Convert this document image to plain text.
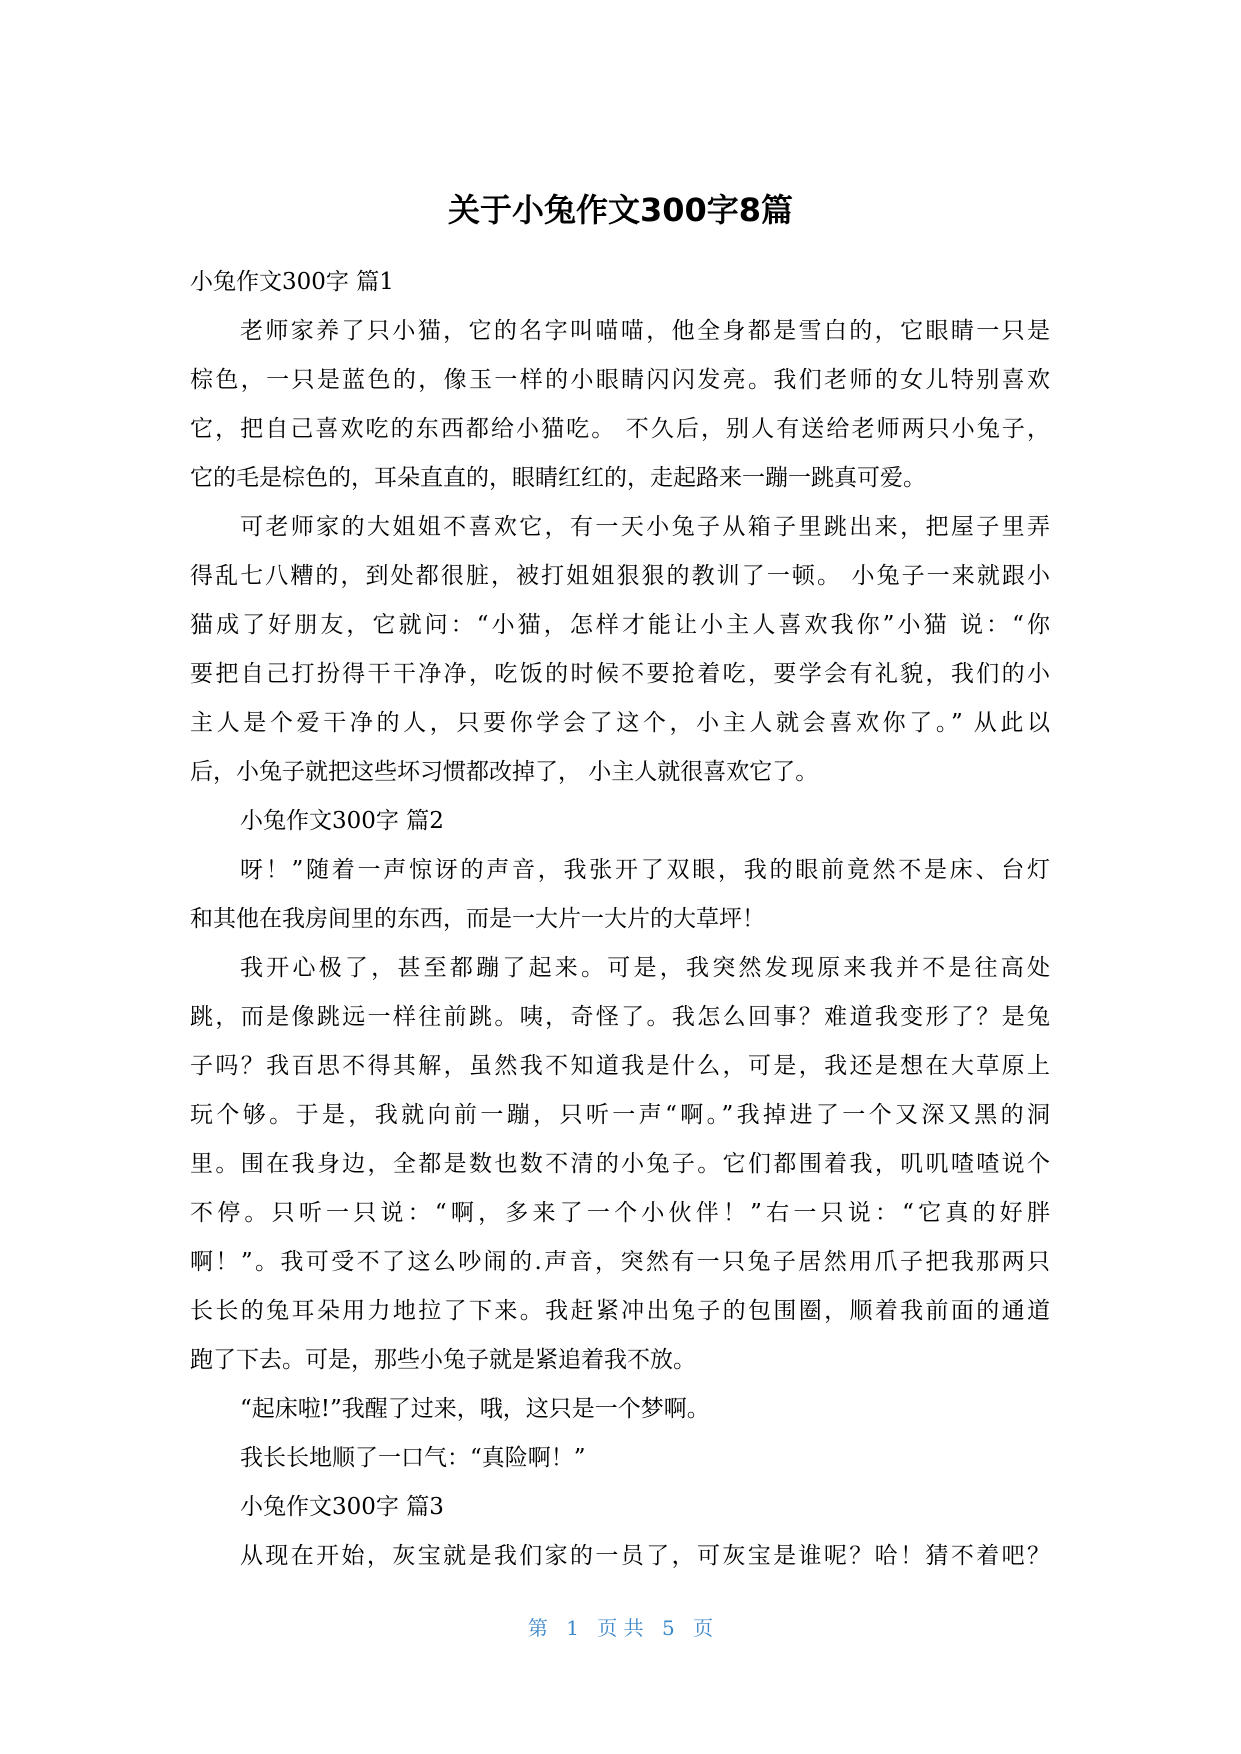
关于小兔作文300字8篇
小兔作文300字 篇1
老师家养了只小猫，它的名字叫喵喵，他全身都是雪白的，它眼睛一只是
棕色，一只是蓝色的，像玉一样的小眼睛闪闪发亮。我们老师的女儿特别喜欢
它，把自己喜欢吃的东西都给小猫吃。 不久后，别人有送给老师两只小兔子，
它的毛是棕色的，耳朵直直的，眼睛红红的，走起路来一蹦一跳真可爱。
可老师家的大姐姐不喜欢它，有一天小兔子从箱子里跳出来，把屋子里弄
得乱七八糟的，到处都很脏，被打姐姐狠狠的教训了一顿。 小兔子一来就跟小
猫成了好朋友，它就问：“小猫，怎样才能让小主人喜欢我你”小猫 说：“你
要把自己打扮得干干净净，吃饭的时候不要抢着吃，要学会有礼貌，我们的小
主人是个爱干净的人，只要你学会了这个，小主人就会喜欢你了。” 从此以
后，小兔子就把这些坏习惯都改掉了， 小主人就很喜欢它了。
小兔作文300字 篇2
呀！”随着一声惊讶的声音，我张开了双眼，我的眼前竟然不是床、台灯
和其他在我房间里的东西，而是一大片一大片的大草坪！
我开心极了，甚至都蹦了起来。可是，我突然发现原来我并不是往高处
跳，而是像跳远一样往前跳。咦，奇怪了。我怎么回事？难道我变形了？是兔
子吗？我百思不得其解，虽然我不知道我是什么，可是，我还是想在大草原上
玩个够。于是，我就向前一蹦，只听一声“啊。”我掉进了一个又深又黑的洞
里。围在我身边，全都是数也数不清的小兔子。它们都围着我，叽叽喳喳说个
不停。只听一只说：“啊，多来了一个小伙伴！”右一只说：“它真的好胖
啊！”。我可受不了这么吵闹的.声音，突然有一只兔子居然用爪子把我那两只
长长的兔耳朵用力地拉了下来。我赶紧冲出兔子的包围圈，顺着我前面的通道
跑了下去。可是，那些小兔子就是紧追着我不放。
“起床啦!”我醒了过来，哦，这只是一个梦啊。
我长长地顺了一口气：“真险啊！”
小兔作文300字 篇3
从现在开始，灰宝就是我们家的一员了，可灰宝是谁呢？哈！猜不着吧？
第 1 页 共 5 页
